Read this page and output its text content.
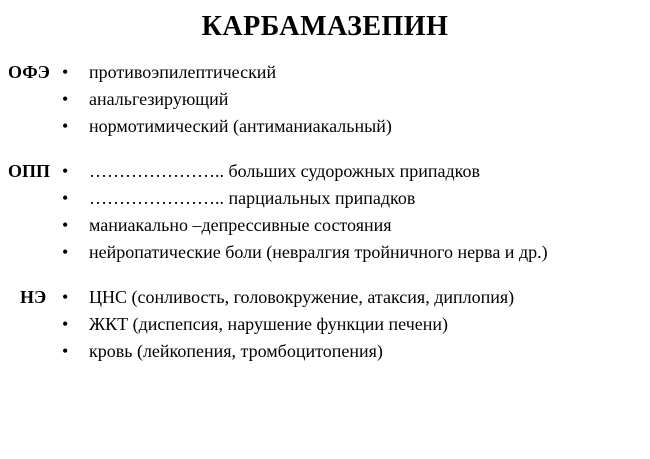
КАРБАМАЗЕПИН
ОФЭ • противоэпилептический
• анальгезирующий
• нормотимический (антиманиакальный)
ОПП • ………………….. больших судорожных припадков
• ………………….. парциальных припадков
• маниакально –депрессивные состояния
• нейропатические боли (невралгия тройничного нерва и др.)
НЭ • ЦНС (сонливость, головокружение, атаксия, диплопия)
• ЖКТ (диспепсия, нарушение функции печени)
• кровь (лейкопения, тромбоцитопения)
